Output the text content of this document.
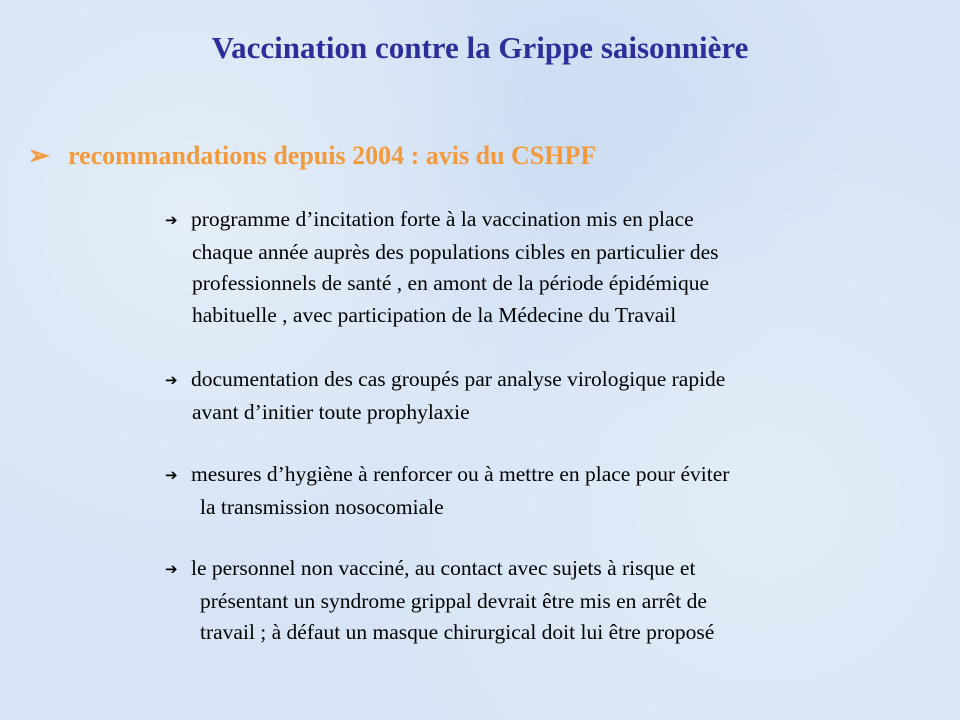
Vaccination contre la Grippe saisonnière
➢ recommandations depuis 2004 : avis du CSHPF
➔ programme d’incitation forte à la vaccination mis en place
chaque année auprès des populations cibles en particulier des
professionnels de santé , en amont de la période épidémique
habituelle , avec participation de la Médecine du Travail
➔ documentation des cas groupés par analyse virologique rapide
avant d’initier toute prophylaxie
➔ mesures d’hygiène à renforcer ou à mettre en place pour éviter
la transmission nosocomiale
➔ le personnel non vacciné, au contact avec sujets à risque et
présentant un syndrome grippal devrait être mis en arrêt de
travail ; à défaut un masque chirurgical doit lui être proposé
